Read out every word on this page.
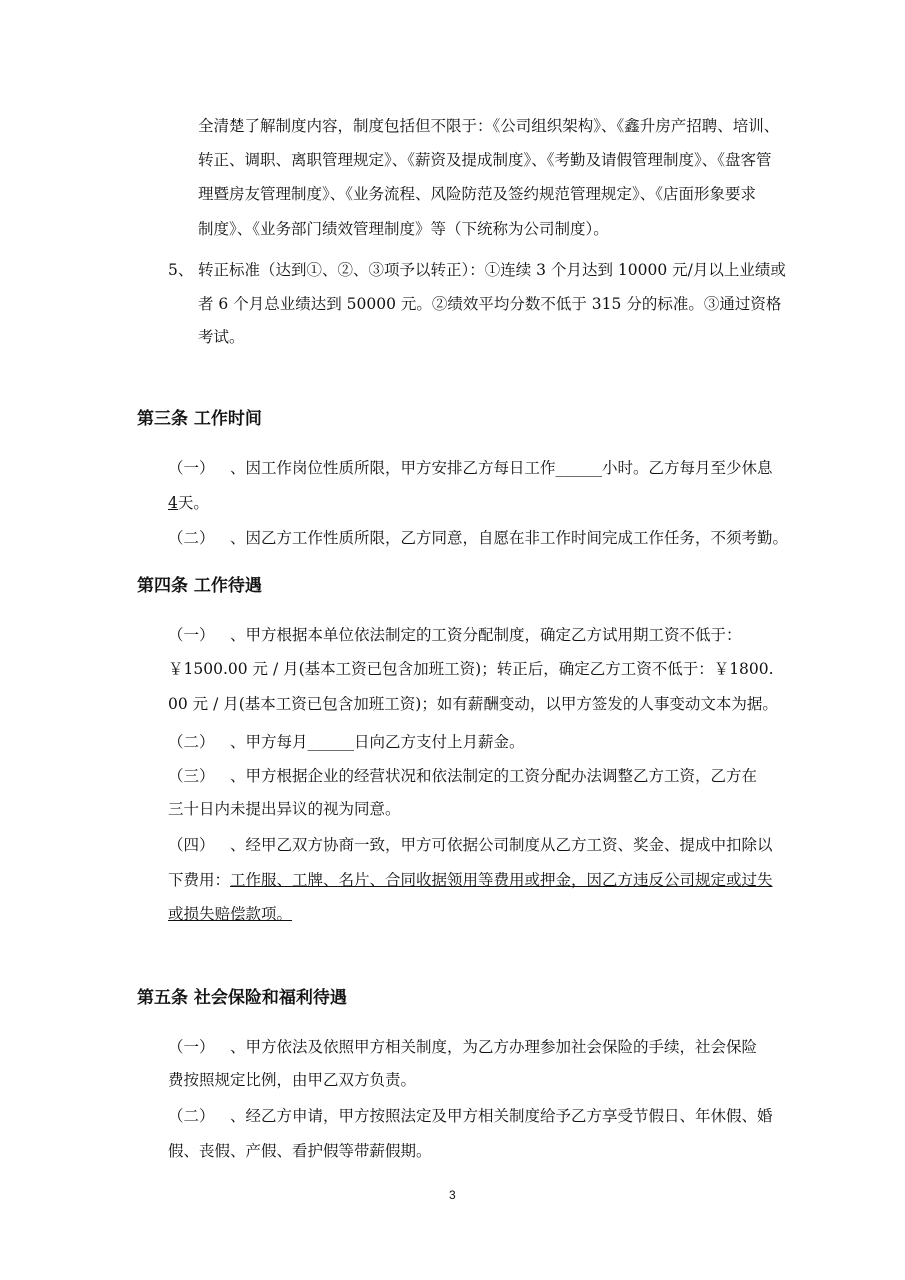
全清楚了解制度内容，制度包括但不限于：《公司组织架构》、《鑫升房产招聘、培训、
转正、调职、离职管理规定》、《薪资及提成制度》、《考勤及请假管理制度》、《盘客管
理暨房友管理制度》、《业务流程、风险防范及签约规范管理规定》、《店面形象要求
制度》、《业务部门绩效管理制度》等（下统称为公司制度）。
5、 转正标准（达到①、②、③项予以转正）：①连续 3 个月达到 10000 元/月以上业绩或
者 6 个月总业绩达到 50000 元。②绩效平均分数不低于 315 分的标准。③通过资格
考试。
第三条 工作时间
（一） 、因工作岗位性质所限，甲方安排乙方每日工作______小时。乙方每月至少休息
4天。
（二） 、因乙方工作性质所限，乙方同意，自愿在非工作时间完成工作任务，不须考勤。
第四条 工作待遇
（一） 、甲方根据本单位依法制定的工资分配制度，确定乙方试用期工资不低于：
￥1500.00 元 / 月(基本工资已包含加班工资)；转正后，确定乙方工资不低于：￥1800.
00 元 / 月(基本工资已包含加班工资)；如有薪酬变动，以甲方签发的人事变动文本为据。
（二） 、甲方每月______日向乙方支付上月薪金。
（三） 、甲方根据企业的经营状况和依法制定的工资分配办法调整乙方工资，乙方在
三十日内未提出异议的视为同意。
（四） 、经甲乙双方协商一致，甲方可依据公司制度从乙方工资、奖金、提成中扣除以
下费用：工作服、工牌、名片、合同收据领用等费用或押金，因乙方违反公司规定或过失
或损失赔偿款项。
第五条 社会保险和福利待遇
（一） 、甲方依法及依照甲方相关制度，为乙方办理参加社会保险的手续，社会保险
费按照规定比例，由甲乙双方负责。
（二） 、经乙方申请，甲方按照法定及甲方相关制度给予乙方享受节假日、年休假、婚
假、丧假、产假、看护假等带薪假期。
3
